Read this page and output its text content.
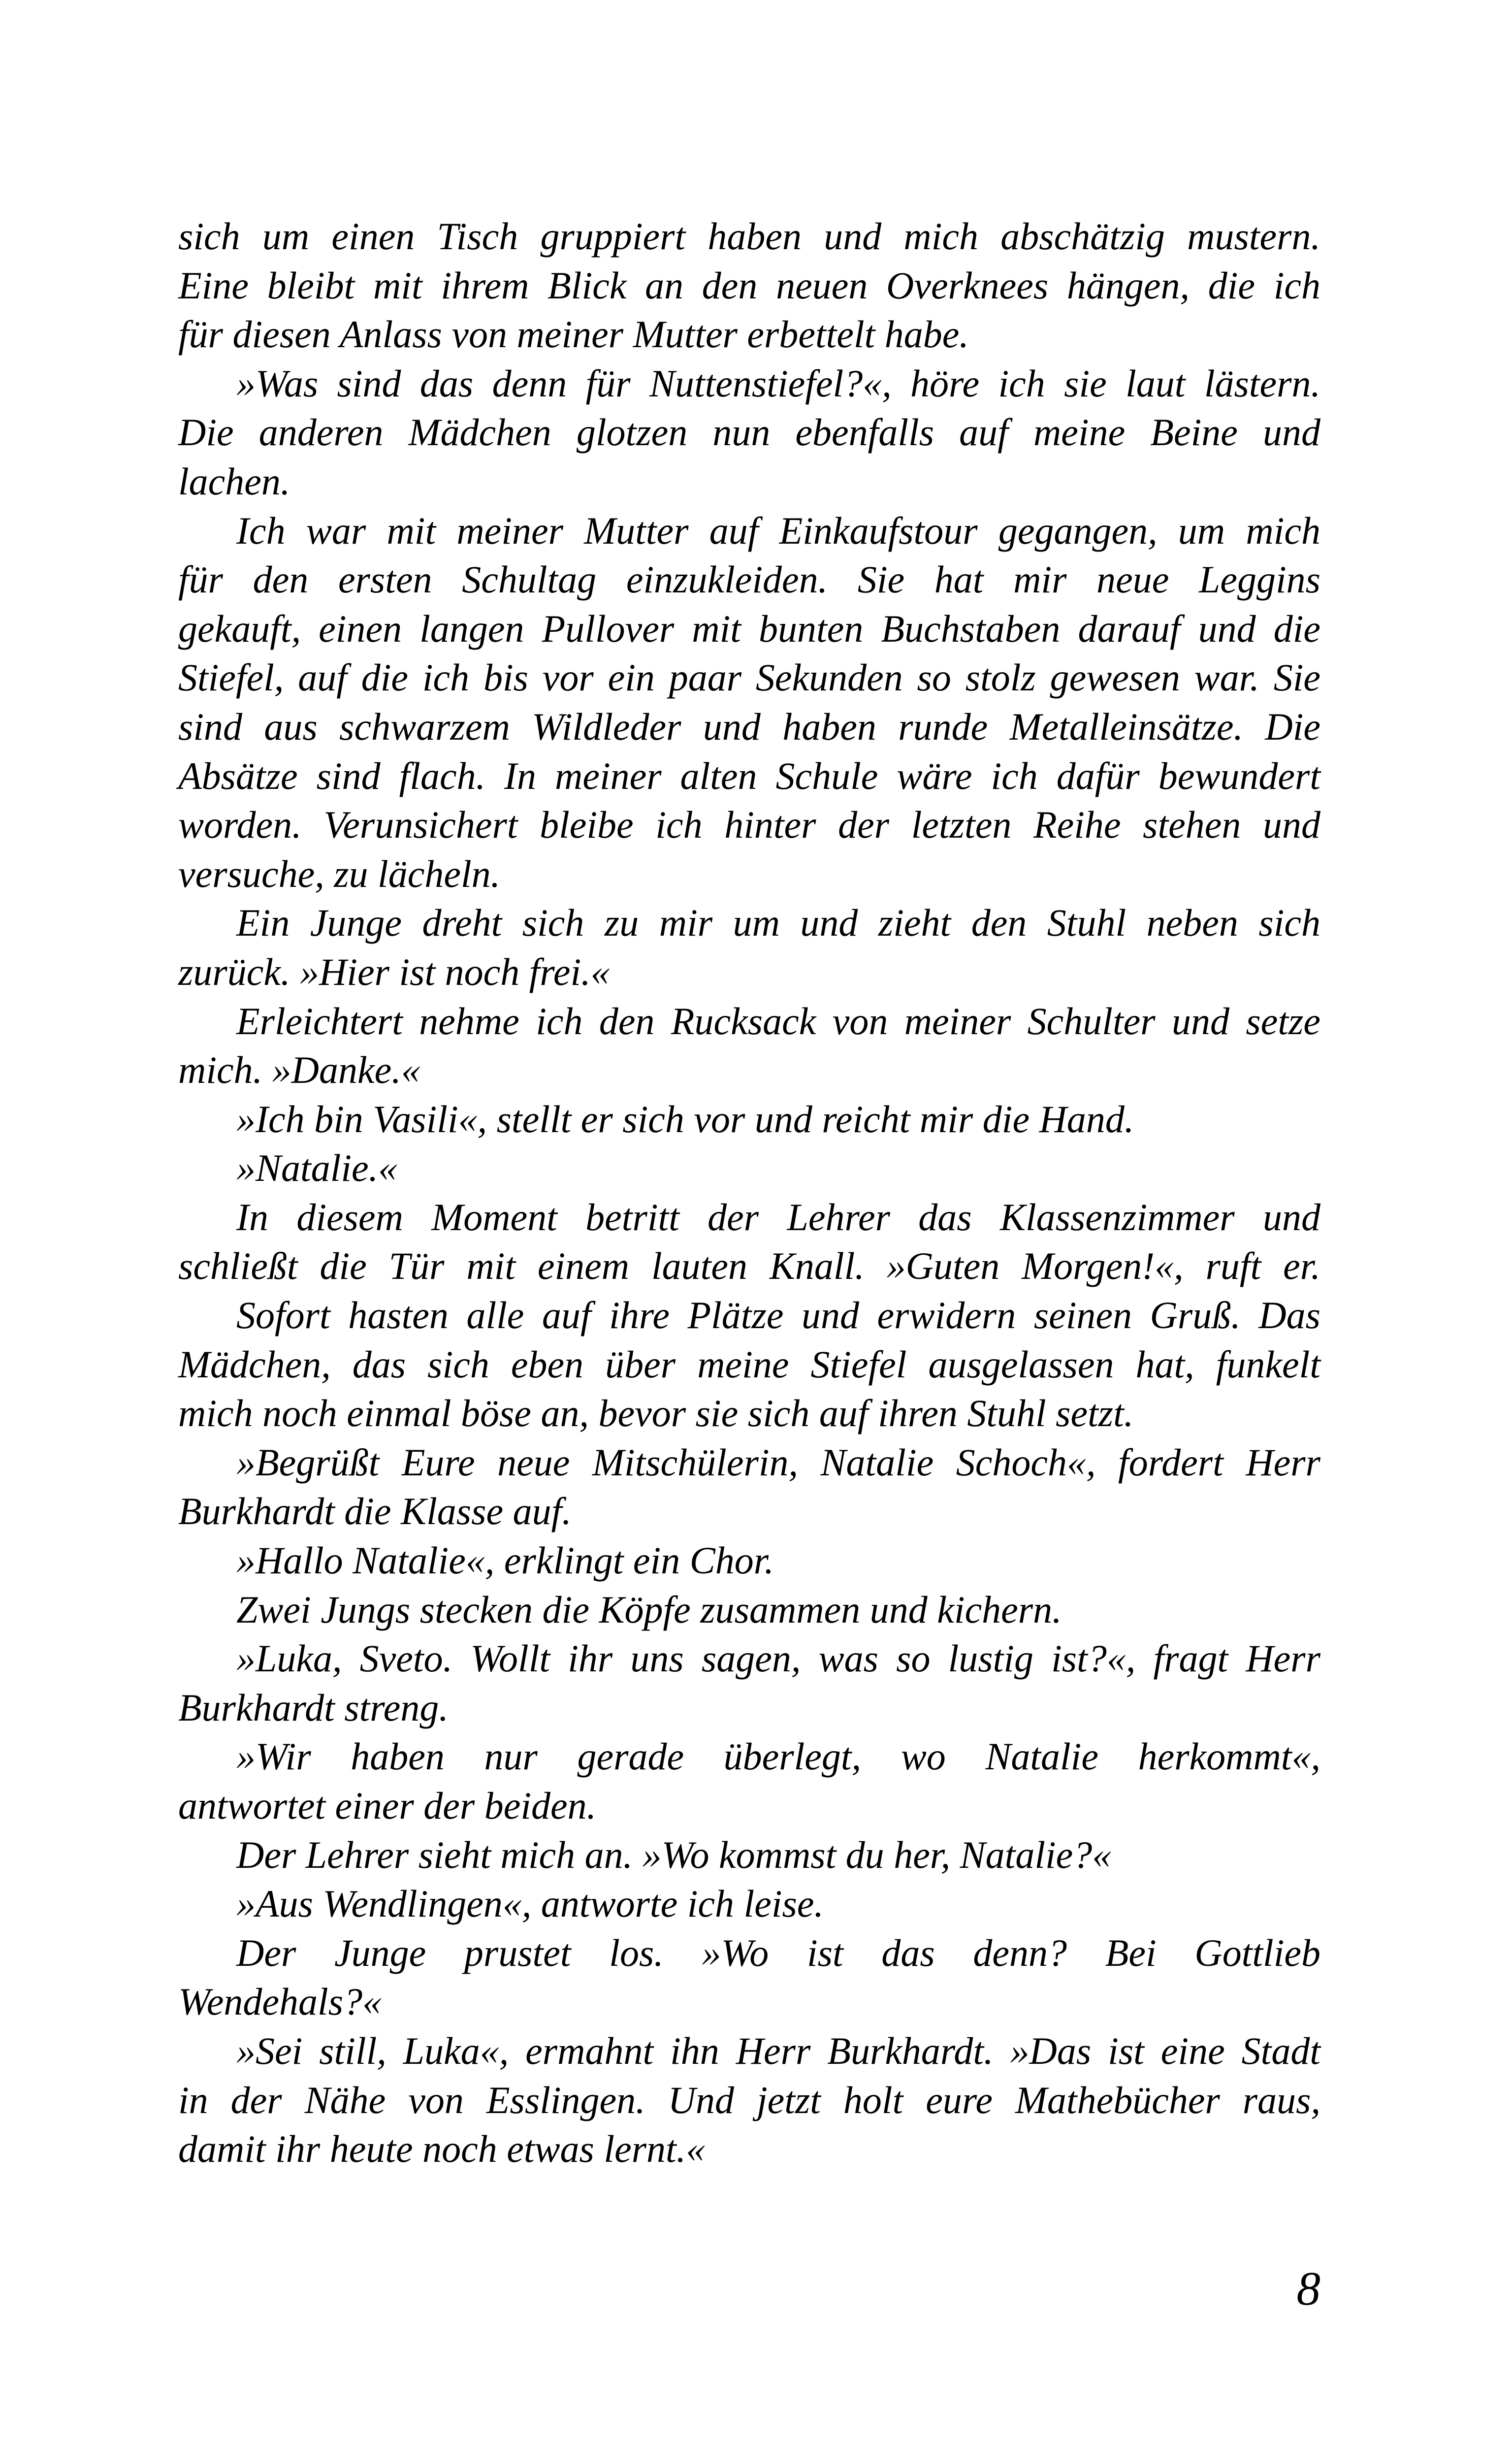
sich um einen Tisch gruppiert haben und mich abschätzig mustern.
Eine bleibt mit ihrem Blick an den neuen Overknees hängen, die ich
für diesen Anlass von meiner Mutter erbettelt habe.
»Was sind das denn für Nuttenstiefel?«, höre ich sie laut lästern.
Die anderen Mädchen glotzen nun ebenfalls auf meine Beine und
lachen.
Ich war mit meiner Mutter auf Einkaufstour gegangen, um mich
für den ersten Schultag einzukleiden. Sie hat mir neue Leggins
gekauft, einen langen Pullover mit bunten Buchstaben darauf und die
Stiefel, auf die ich bis vor ein paar Sekunden so stolz gewesen war. Sie
sind aus schwarzem Wildleder und haben runde Metalleinsätze. Die
Absätze sind flach. In meiner alten Schule wäre ich dafür bewundert
worden. Verunsichert bleibe ich hinter der letzten Reihe stehen und
versuche, zu lächeln.
Ein Junge dreht sich zu mir um und zieht den Stuhl neben sich
zurück. »Hier ist noch frei.«
Erleichtert nehme ich den Rucksack von meiner Schulter und setze
mich. »Danke.«
»Ich bin Vasili«, stellt er sich vor und reicht mir die Hand.
»Natalie.«
In diesem Moment betritt der Lehrer das Klassenzimmer und
schließt die Tür mit einem lauten Knall. »Guten Morgen!«, ruft er.
Sofort hasten alle auf ihre Plätze und erwidern seinen Gruß. Das
Mädchen, das sich eben über meine Stiefel ausgelassen hat, funkelt
mich noch einmal böse an, bevor sie sich auf ihren Stuhl setzt.
»Begrüßt Eure neue Mitschülerin, Natalie Schoch«, fordert Herr
Burkhardt die Klasse auf.
»Hallo Natalie«, erklingt ein Chor.
Zwei Jungs stecken die Köpfe zusammen und kichern.
»Luka, Sveto. Wollt ihr uns sagen, was so lustig ist?«, fragt Herr
Burkhardt streng.
»Wir haben nur gerade überlegt, wo Natalie herkommt«,
antwortet einer der beiden.
Der Lehrer sieht mich an. »Wo kommst du her, Natalie?«
»Aus Wendlingen«, antworte ich leise.
Der Junge prustet los. »Wo ist das denn? Bei Gottlieb
Wendehals?«
»Sei still, Luka«, ermahnt ihn Herr Burkhardt. »Das ist eine Stadt
in der Nähe von Esslingen. Und jetzt holt eure Mathebücher raus,
damit ihr heute noch etwas lernt.«
8
